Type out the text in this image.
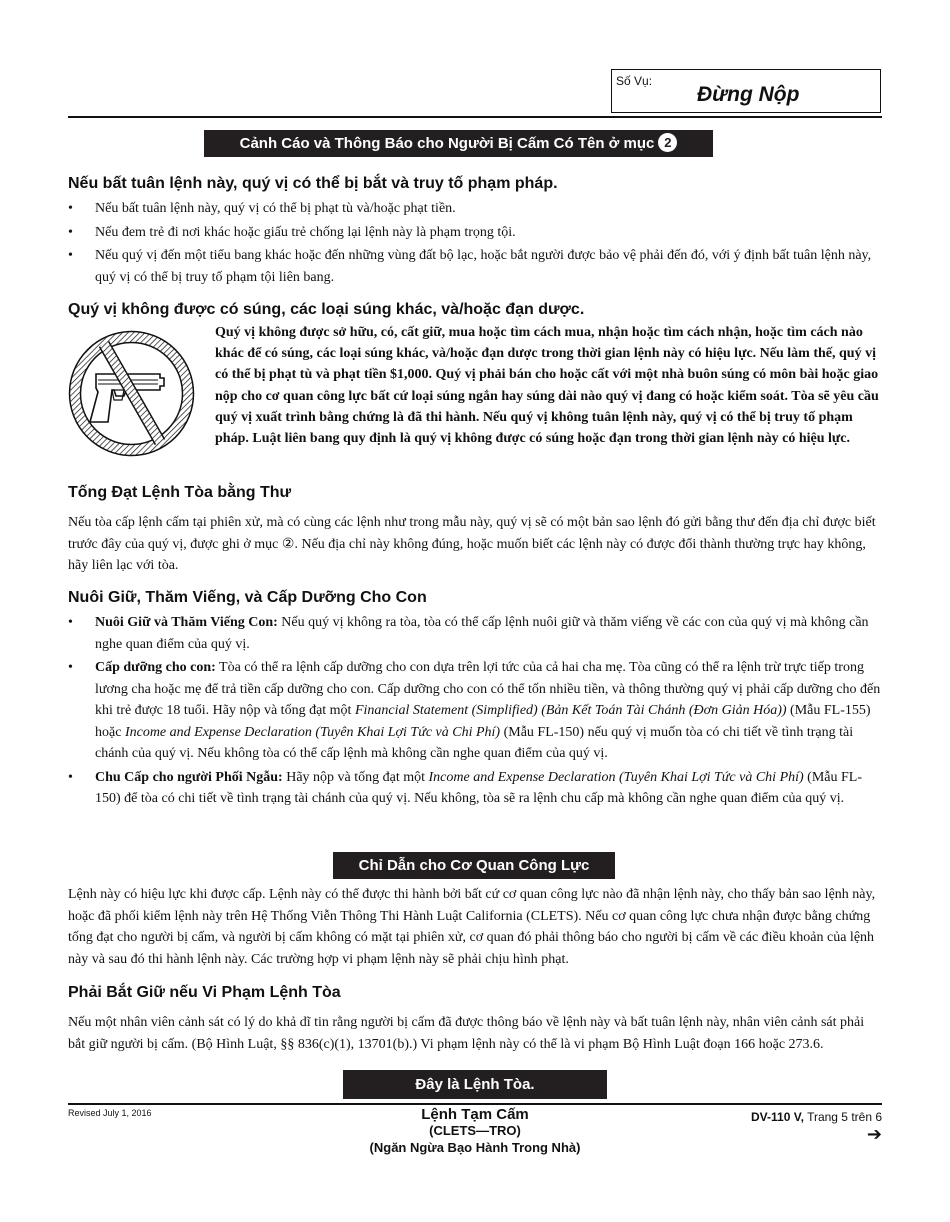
Số Vụ:
Đừng Nộp
Cảnh Cáo và Thông Báo cho Người Bị Cấm Có Tên ở mục 2
Nếu bất tuân lệnh này, quý vị có thể bị bắt và truy tố phạm pháp.
• Nếu bất tuân lệnh này, quý vị có thể bị phạt tù và/hoặc phạt tiền.
• Nếu đem trẻ đi nơi khác hoặc giấu trẻ chống lại lệnh này là phạm trọng tội.
• Nếu quý vị đến một tiểu bang khác hoặc đến những vùng đất bộ lạc, hoặc bắt người được bảo vệ phải đến đó, với ý định bất tuân lệnh này, quý vị có thể bị truy tố phạm tội liên bang.
Quý vị không được có súng, các loại súng khác, và/hoặc đạn dược.
Quý vị không được sở hữu, có, cất giữ, mua hoặc tìm cách mua, nhận hoặc tìm cách nhận, hoặc tìm cách nào khác để có súng, các loại súng khác, và/hoặc đạn dược trong thời gian lệnh này có hiệu lực. Nếu làm thế, quý vị có thể bị phạt tù và phạt tiền $1,000. Quý vị phải bán cho hoặc cất với một nhà buôn súng có môn bài hoặc giao nộp cho cơ quan công lực bất cứ loại súng ngắn hay súng dài nào quý vị đang có hoặc kiểm soát. Tòa sẽ yêu cầu quý vị xuất trình bằng chứng là đã thi hành. Nếu quý vị không tuân lệnh này, quý vị có thể bị truy tố phạm pháp. Luật liên bang quy định là quý vị không được có súng hoặc đạn trong thời gian lệnh này có hiệu lực.
Tống Đạt Lệnh Tòa bằng Thư
Nếu tòa cấp lệnh cấm tại phiên xử, mà có cùng các lệnh như trong mẫu này, quý vị sẽ có một bản sao lệnh đó gửi bằng thư đến địa chỉ được biết trước đây của quý vị, được ghi ở mục ②. Nếu địa chỉ này không đúng, hoặc muốn biết các lệnh này có được đổi thành thường trực hay không, hãy liên lạc với tòa.
Nuôi Giữ, Thăm Viếng, và Cấp Dưỡng Cho Con
• Nuôi Giữ và Thăm Viếng Con: Nếu quý vị không ra tòa, tòa có thể cấp lệnh nuôi giữ và thăm viếng về các con của quý vị mà không cần nghe quan điểm của quý vị.
• Cấp dưỡng cho con: Tòa có thể ra lệnh cấp dưỡng cho con dựa trên lợi tức của cả hai cha mẹ. Tòa cũng có thể ra lệnh trừ trực tiếp trong lương cha hoặc mẹ để trả tiền cấp dưỡng cho con. Cấp dưỡng cho con có thể tốn nhiều tiền, và thông thường quý vị phải cấp dưỡng cho đến khi trẻ được 18 tuổi. Hãy nộp và tống đạt một Financial Statement (Simplified) (Bản Kết Toán Tài Chánh (Đơn Giản Hóa)) (Mẫu FL-155) hoặc Income and Expense Declaration (Tuyên Khai Lợi Tức và Chi Phí) (Mẫu FL-150) nếu quý vị muốn tòa có chi tiết về tình trạng tài chánh của quý vị. Nếu không tòa có thể cấp lệnh mà không cần nghe quan điểm của quý vị.
• Chu Cấp cho người Phối Ngẫu: Hãy nộp và tống đạt một Income and Expense Declaration (Tuyên Khai Lợi Tức và Chi Phí) (Mẫu FL-150) để tòa có chi tiết về tình trạng tài chánh của quý vị. Nếu không, tòa sẽ ra lệnh chu cấp mà không cần nghe quan điểm của quý vị.
Chỉ Dẫn cho Cơ Quan Công Lực
Lệnh này có hiệu lực khi được cấp. Lệnh này có thể được thi hành bởi bất cứ cơ quan công lực nào đã nhận lệnh này, cho thấy bản sao lệnh này, hoặc đã phối kiểm lệnh này trên Hệ Thống Viễn Thông Thi Hành Luật California (CLETS). Nếu cơ quan công lực chưa nhận được bằng chứng tống đạt cho người bị cấm, và người bị cấm không có mặt tại phiên xử, cơ quan đó phải thông báo cho người bị cấm về các điều khoản của lệnh này và sau đó thi hành lệnh này. Các trường hợp vi phạm lệnh này sẽ phải chịu hình phạt.
Phải Bắt Giữ nếu Vi Phạm Lệnh Tòa
Nếu một nhân viên cảnh sát có lý do khả dĩ tin rằng người bị cấm đã được thông báo về lệnh này và bất tuân lệnh này, nhân viên cảnh sát phải bắt giữ người bị cấm. (Bộ Hình Luật, §§ 836(c)(1), 13701(b).) Vi phạm lệnh này có thể là vi phạm Bộ Hình Luật đoạn 166 hoặc 273.6.
Đây là Lệnh Tòa.
Revised July 1, 2016	Lệnh Tạm Cấm
(CLETS—TRO)
(Ngăn Ngừa Bạo Hành Trong Nhà)
DV-110 V, Trang 5 trên 6
➔
